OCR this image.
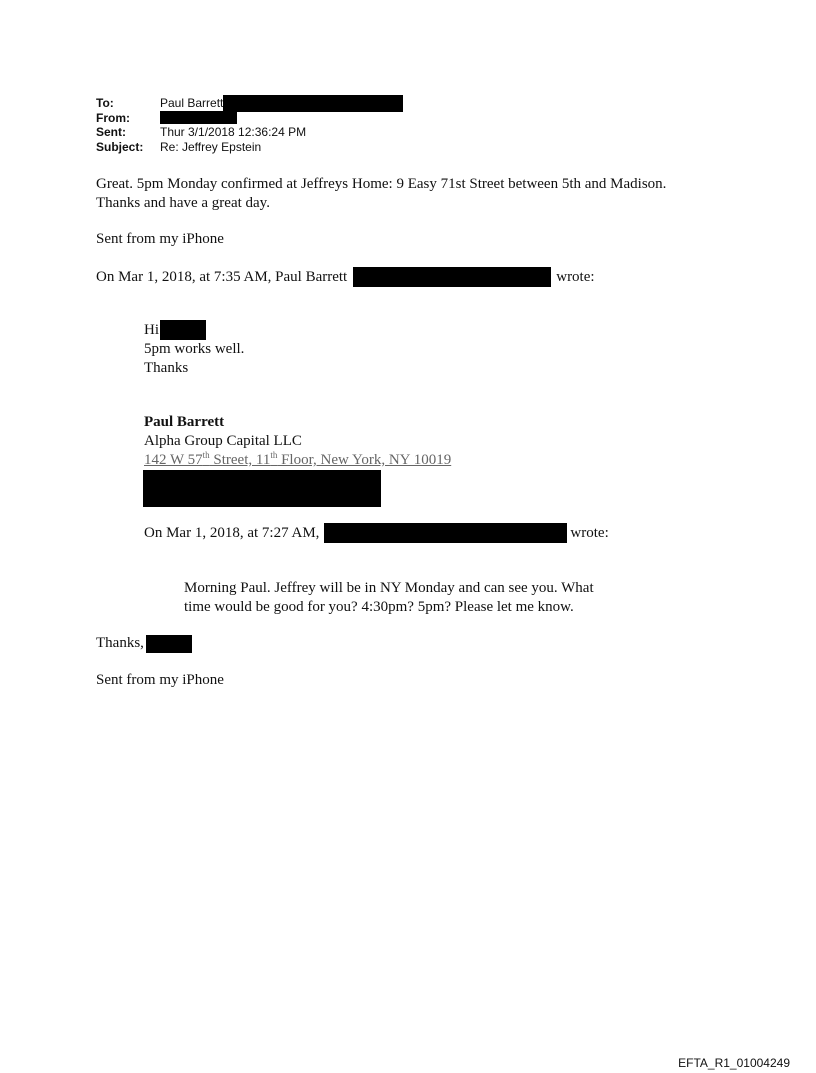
To:	Paul Barrett
From:
Sent:	Thur 3/1/2018 12:36:24 PM
Subject:	Re: Jeffrey Epstein

Great. 5pm Monday confirmed at Jeffreys Home: 9 Easy 71st Street between 5th and Madison.

Thanks and have a great day.

Sent from my iPhone
On Mar 1, 2018, at 7:35 AM, Paul Barrett	wrote:

Hi

5pm works well.

Thanks

Paul Barrett

Alpha Group Capital LLC

142 W 57th Street, 11th Floor, New York, NY 10019

On Mar 1, 2018, at 7:27 AM,	wrote:

Morning Paul. Jeffrey will be in NY Monday and can see you. What

time would be good for you? 4:30pm? 5pm? Please let me know.

Thanks,
Sent from my iPhone
EFTA_R1_01004249
